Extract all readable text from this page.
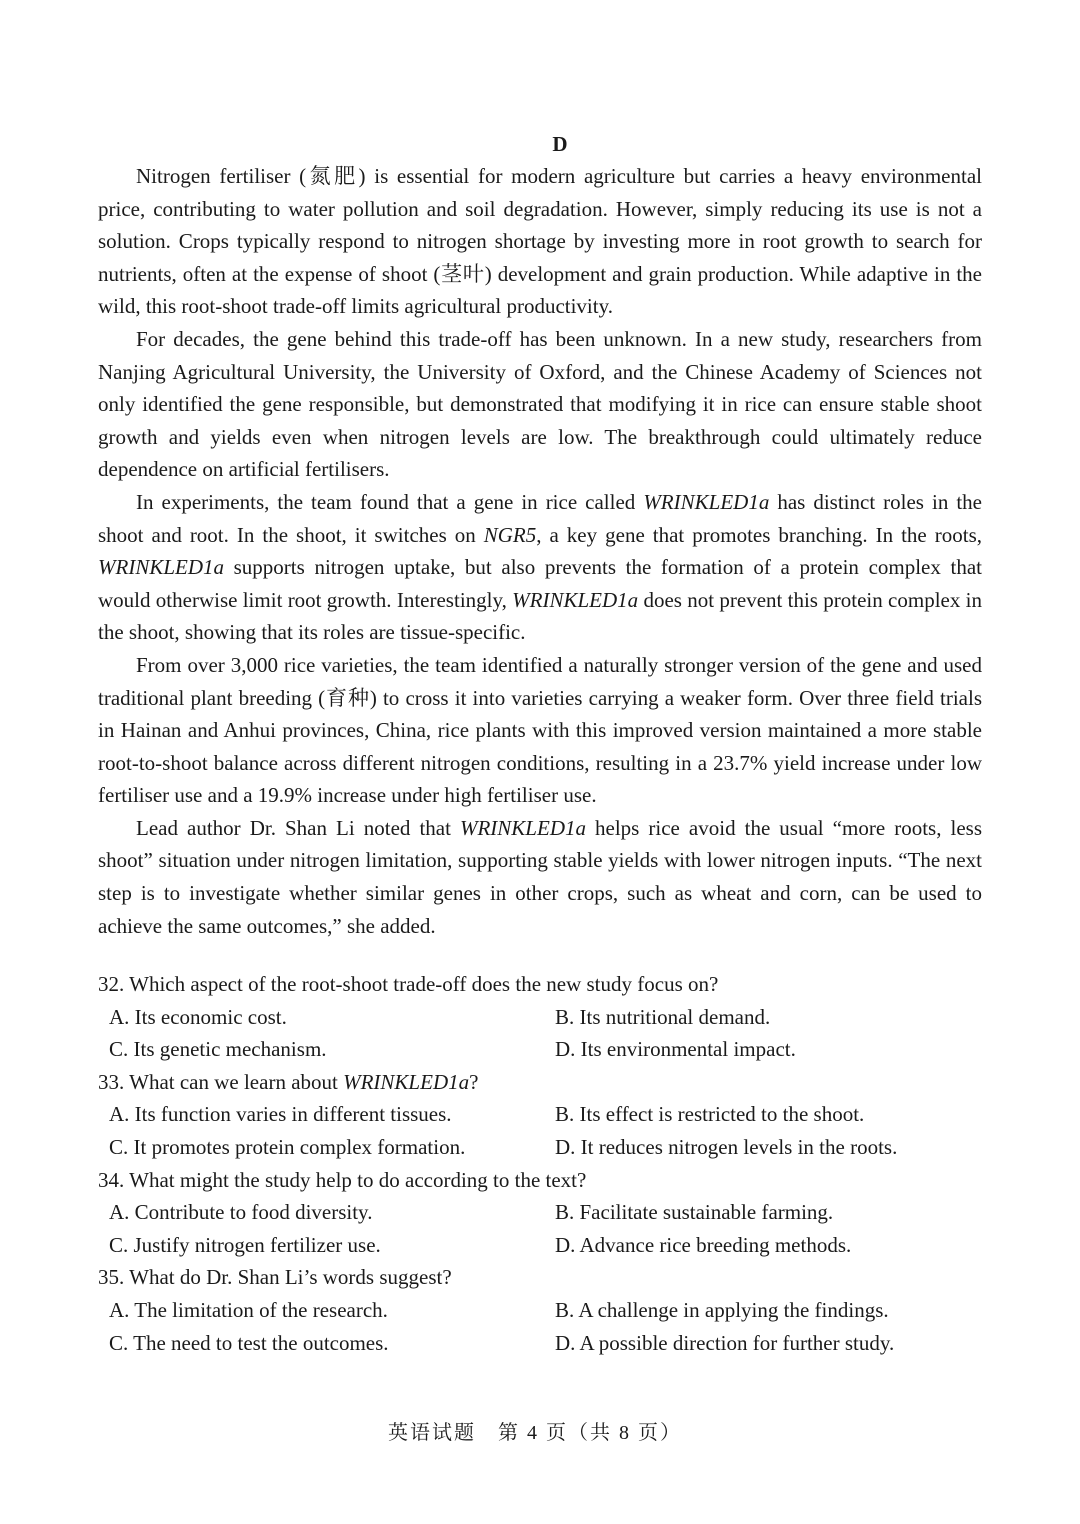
D

Nitrogen fertiliser (氮肥) is essential for modern agriculture but carries a heavy environmental price, contributing to water pollution and soil degradation. However, simply reducing its use is not a solution. Crops typically respond to nitrogen shortage by investing more in root growth to search for nutrients, often at the expense of shoot (茎叶) development and grain production. While adaptive in the wild, this root-shoot trade-off limits agricultural productivity.

For decades, the gene behind this trade-off has been unknown. In a new study, researchers from Nanjing Agricultural University, the University of Oxford, and the Chinese Academy of Sciences not only identified the gene responsible, but demonstrated that modifying it in rice can ensure stable shoot growth and yields even when nitrogen levels are low. The breakthrough could ultimately reduce dependence on artificial fertilisers.

In experiments, the team found that a gene in rice called WRINKLED1a has distinct roles in the shoot and root. In the shoot, it switches on NGR5, a key gene that promotes branching. In the roots, WRINKLED1a supports nitrogen uptake, but also prevents the formation of a protein complex that would otherwise limit root growth. Interestingly, WRINKLED1a does not prevent this protein complex in the shoot, showing that its roles are tissue-specific.

From over 3,000 rice varieties, the team identified a naturally stronger version of the gene and used traditional plant breeding (育种) to cross it into varieties carrying a weaker form. Over three field trials in Hainan and Anhui provinces, China, rice plants with this improved version maintained a more stable root-to-shoot balance across different nitrogen conditions, resulting in a 23.7% yield increase under low fertiliser use and a 19.9% increase under high fertiliser use.

Lead author Dr. Shan Li noted that WRINKLED1a helps rice avoid the usual “more roots, less shoot” situation under nitrogen limitation, supporting stable yields with lower nitrogen inputs. “The next step is to investigate whether similar genes in other crops, such as wheat and corn, can be used to achieve the same outcomes,” she added.

32. Which aspect of the root-shoot trade-off does the new study focus on?
A. Its economic cost.	B. Its nutritional demand.
C. Its genetic mechanism.	D. Its environmental impact.
33. What can we learn about WRINKLED1a?
A. Its function varies in different tissues.	B. Its effect is restricted to the shoot.
C. It promotes protein complex formation.	D. It reduces nitrogen levels in the roots.
34. What might the study help to do according to the text?
A. Contribute to food diversity.	B. Facilitate sustainable farming.
C. Justify nitrogen fertilizer use.	D. Advance rice breeding methods.
35. What do Dr. Shan Li’s words suggest?
A. The limitation of the research.	B. A challenge in applying the findings.
C. The need to test the outcomes.	D. A possible direction for further study.
英语试题　第 4 页（共 8 页）
